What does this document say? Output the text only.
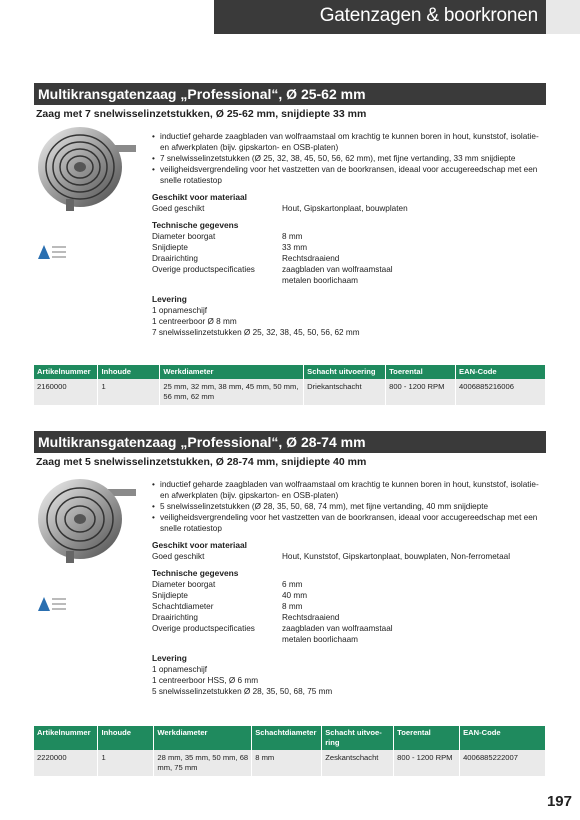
Gatenzagen & boorkronen
Multikransgatenzaag „Professional“, Ø 25-62 mm
Zaag met 7 snelwisselinzetstukken, Ø 25-62 mm, snijdiepte 33 mm
• inductief geharde zaagbladen van wolfraamstaal om krachtig te kunnen boren in hout, kunststof, isolatie- en afwerkplaten (bijv. gipskarton- en OSB-platen)
• 7 snelwisselinzetstukken (Ø 25, 32, 38, 45, 50, 56, 62 mm), met fijne vertanding, 33 mm snijdiepte
• veiligheidsvergrendeling voor het vastzetten van de boorkransen, ideaal voor accugereedschap met een snelle rotatiestop
Geschikt voor materiaal
Goed geschikt	Hout, Gipskartonplaat, bouwplaten
Technische gegevens
Diameter boorgat	8 mm
Snijdiepte	33 mm
Draairichting	Rechtsdraaiend
Overige productspecificaties	zaagbladen van wolfraamstaal metalen boorlichaam
Levering
1 opnameschijf
1 centreerboor Ø 8 mm
7 snelwisselinzetstukken Ø 25, 32, 38, 45, 50, 56, 62 mm
Artikelnummer	Inhoude	Werkdiameter	Schacht uitvoering	Toerental	EAN-Code
2160000	1	25 mm, 32 mm, 38 mm, 45 mm, 50 mm, 56 mm, 62 mm	Driekantschacht	800 - 1200 RPM	4006885216006
Multikransgatenzaag „Professional“, Ø 28-74 mm
Zaag met 5 snelwisselinzetstukken, Ø 28-74 mm, snijdiepte 40 mm
• inductief geharde zaagbladen van wolfraamstaal om krachtig te kunnen boren in hout, kunststof, isolatie- en afwerkplaten (bijv. gipskarton- en OSB-platen)
• 5 snelwisselinzetstukken (Ø 28, 35, 50, 68, 74 mm), met fijne vertanding, 40 mm snijdiepte
• veiligheidsvergrendeling voor het vastzetten van de boorkransen, ideaal voor accugereedschap met een snelle rotatiestop
Geschikt voor materiaal
Goed geschikt	Hout, Kunststof, Gipskartonplaat, bouwplaten, Non-ferrometaal
Technische gegevens
Diameter boorgat	6 mm
Snijdiepte	40 mm
Schachtdiameter	8 mm
Draairichting	Rechtsdraaiend
Overige productspecificaties	zaagbladen van wolfraamstaal metalen boorlichaam
Levering
1 opnameschijf
1 centreerboor HSS, Ø 6 mm
5 snelwisselinzetstukken Ø 28, 35, 50, 68, 75 mm
Artikelnummer	Inhoude	Werkdiameter	Schachtdiameter	Schacht uitvoe-ring	Toerental	EAN-Code
2220000	1	28 mm, 35 mm, 50 mm, 68 mm, 75 mm	8 mm	Zeskantschacht	800 - 1200 RPM	4006885222007
197
